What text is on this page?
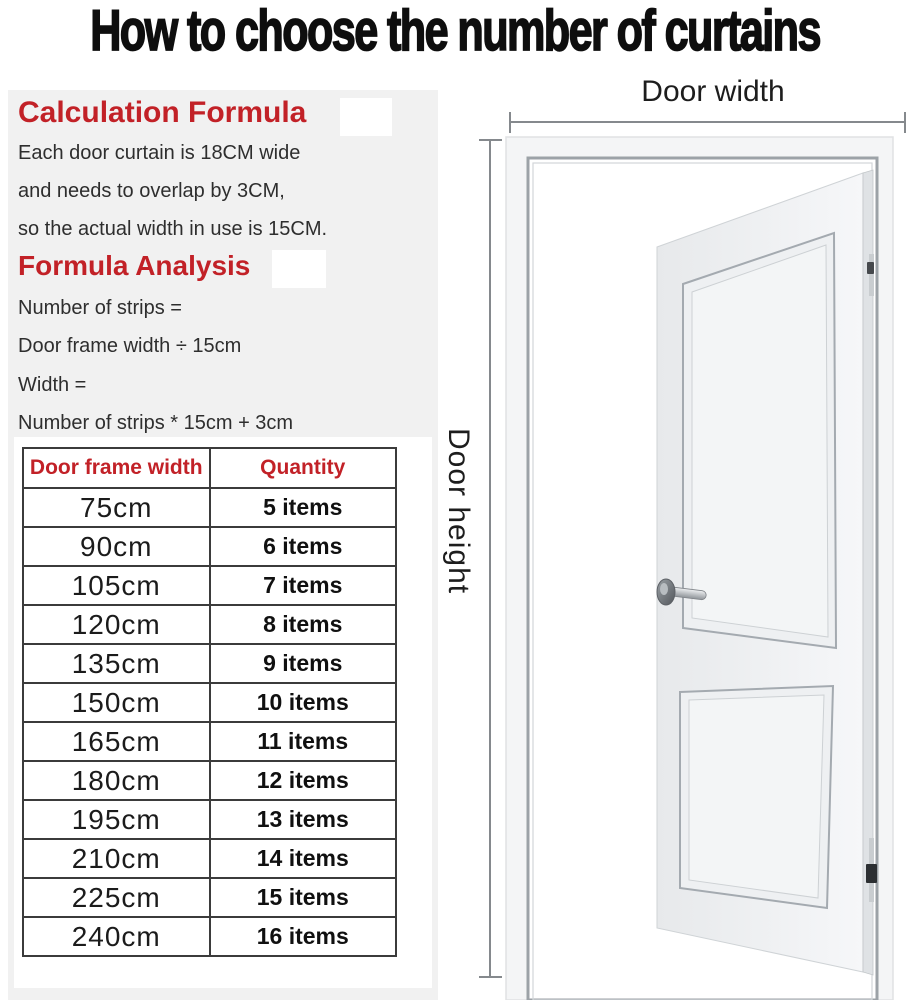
How to choose the number of curtains
Calculation Formula
Each door curtain is 18CM wide
and needs to overlap by 3CM,
so the actual width in use is 15CM.
Formula Analysis
Number of strips =
Door frame width ÷ 15cm
Width =
Number of strips * 15cm + 3cm
Door frame width	Quantity
75cm	5 items
90cm	6 items
105cm	7 items
120cm	8 items
135cm	9 items
150cm	10 items
165cm	11 items
180cm	12 items
195cm	13 items
210cm	14 items
225cm	15 items
240cm	16 items
Door width
Door height
